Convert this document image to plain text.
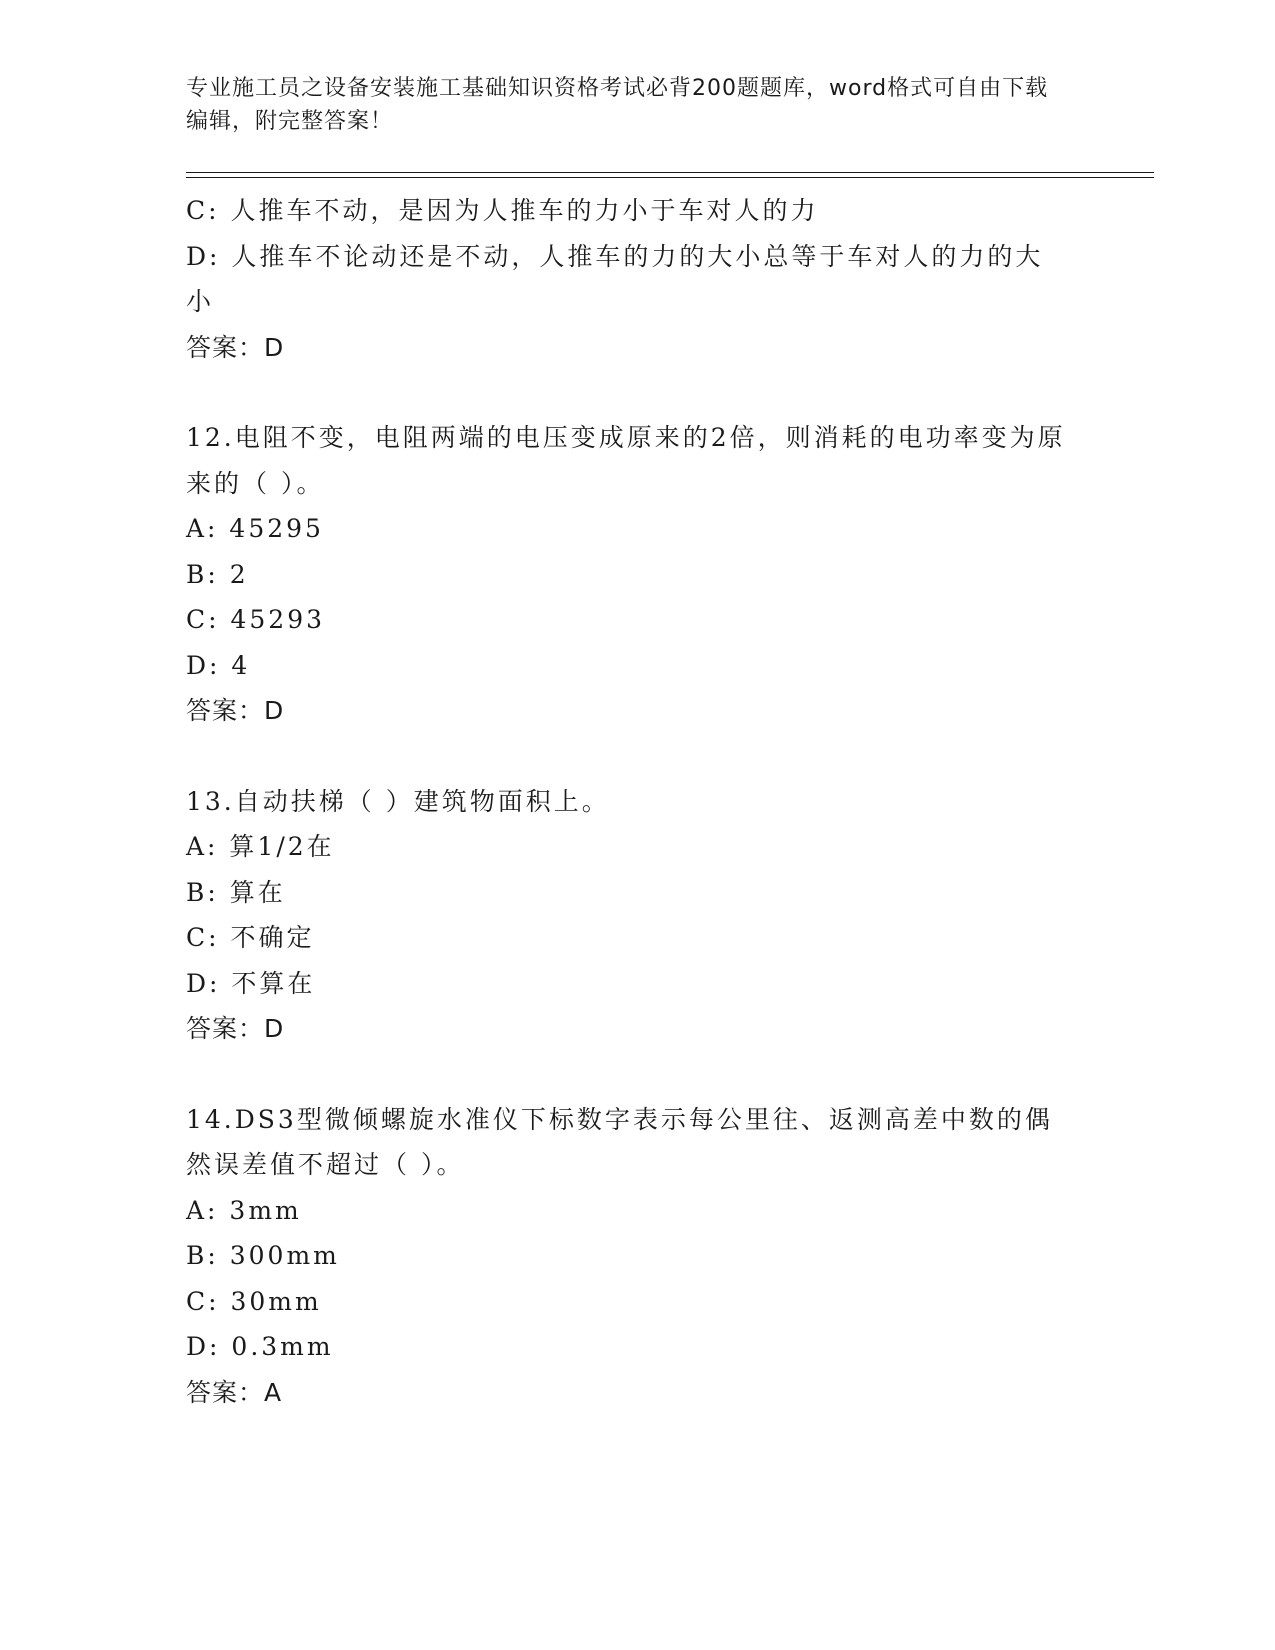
专业施工员之设备安装施工基础知识资格考试必背200题题库，word格式可自由下载编辑，附完整答案！
C: 人推车不动，是因为人推车的力小于车对人的力
D: 人推车不论动还是不动，人推车的力的大小总等于车对人的力的大小
答案：D
12.电阻不变，电阻两端的电压变成原来的2倍，则消耗的电功率变为原来的（ ）。
A: 45295
B: 2
C: 45293
D: 4
答案：D
13.自动扶梯（ ）建筑物面积上。
A: 算1/2在
B: 算在
C: 不确定
D: 不算在
答案：D
14.DS3型微倾螺旋水准仪下标数字表示每公里往、返测高差中数的偶然误差值不超过（ ）。
A: 3mm
B: 300mm
C: 30mm
D: 0.3mm
答案：A
